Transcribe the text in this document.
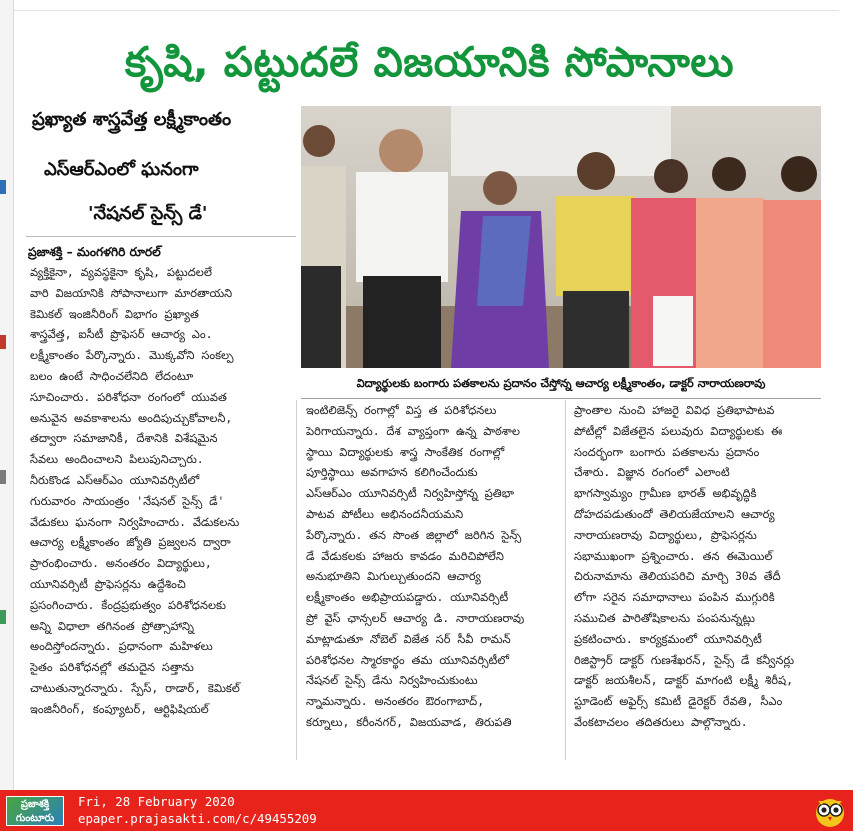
కృషి, పట్టుదలే విజయానికి సోపానాలు
ప్రఖ్యాత శాస్త్రవేత్త లక్ష్మీకాంతం
ఎస్‌ఆర్‌ఎంలో ఘనంగా
'నేషనల్ సైన్స్ డే'
విద్యార్థులకు బంగారు పతకాలను ప్రదానం చేస్తోన్న ఆచార్య లక్ష్మీకాంతం, డాక్టర్ నారాయణరావు
ప్రజాశక్తి – మంగళగిరి రూరల్

వ్యక్తికైనా, వ్యవస్థకైనా కృషి, పట్టుదలలే

వారి విజయానికి సోపానాలుగా మారతాయని

కెమికల్ ఇంజినీరింగ్ విభాగం ప్రఖ్యాత

శాస్త్రవేత్త, ఐసీటీ ప్రొఫెసర్ ఆచార్య ఎం.

లక్ష్మీకాంతం పేర్కొన్నారు. మొక్కవోని సంకల్ప

బలం ఉంటే సాధించలేనిది లేదంటూ

సూచించారు. పరిశోధనా రంగంలో యువత

అనువైన అవకాశాలను అందిపుచ్చుకోవాలనీ,

తద్వారా సమాజానికీ, దేశానికి విశేషమైన

సేవలు అందించాలని పిలుపునిచ్చారు.

నీరుకొండ ఎస్‌ఆర్‌ఎం యూనివర్సిటీలో

గురువారం సాయంత్రం 'నేషనల్ సైన్స్ డే'

వేడుకలు ఘనంగా నిర్వహించారు. వేడుకలను

ఆచార్య లక్ష్మీకాంతం జ్యోతి ప్రజ్వలన ద్వారా

ప్రారంభించారు. అనంతరం విద్యార్థులు,

యూనివర్సిటీ ప్రొఫెసర్లను ఉద్దేశించి

ప్రసంగించారు. కేంద్రప్రభుత్వం పరిశోధనలకు

అన్ని విధాలా తగినంత ప్రోత్సాహాన్ని

అందిస్తోందన్నారు. ప్రధానంగా మహిళలు

సైతం పరిశోధనల్లో తమదైన సత్తాను

చాటుతున్నారన్నారు. స్పేస్, రాడార్, కెమికల్

ఇంజినీరింగ్, కంప్యూటర్, ఆర్టిఫిషియల్

ఇంటిలిజెన్స్ రంగాల్లో విస్త త పరిశోధనలు

పెరిగాయన్నారు. దేశ వ్యాప్తంగా ఉన్న పాఠశాల

స్థాయి విద్యార్థులకు శాస్త్ర సాంకేతిక రంగాల్లో

పూర్తిస్థాయి అవగాహన కలిగించేందుకు

ఎస్‌ఆర్‌ఎం యూనివర్సిటీ నిర్వహిస్తోన్న ప్రతిభా

పాటవ పోటీలు అభినందనీయమని

పేర్కొన్నారు. తన సొంత జిల్లాలో జరిగిన సైన్స్

డే వేడుకలకు హాజరు కావడం మరిచిపోలేని

అనుభూతిని మిగుల్చుతుందని ఆచార్య

లక్ష్మీకాంతం అభిప్రాయపడ్డారు. యూనివర్సిటీ

ప్రో వైస్ ఛాన్సలర్ ఆచార్య డి. నారాయణరావు

మాట్లాడుతూ నోబెల్ విజేత సర్ సీవీ రామన్

పరిశోధనల స్మారకార్థం తమ యూనివర్సిటీలో

నేషనల్ సైన్స్ డేను నిర్వహించుకుంటు

న్నామన్నారు. అనంతరం ఔరంగాబాద్,

కర్నూలు, కరీంనగర్, విజయవాడ, తిరుపతి

ప్రాంతాల నుంచి హాజరై వివిధ ప్రతిభాపాటవ

పోటీల్లో విజేతలైన పలువురు విద్యార్థులకు ఈ

సందర్భంగా బంగారు పతకాలను ప్రదానం

చేశారు. విజ్ఞాన రంగంలో ఎలాంటి

భాగస్వామ్యం గ్రామీణ భారత్ అభివృద్ధికి

దోహదపడుతుందో తెలియజేయాలని ఆచార్య

నారాయణరావు విద్యార్థులు, ప్రొఫెసర్లను

సభాముఖంగా ప్రశ్నించారు. తన ఈమెయిల్

చిరునామాను తెలియపరిచి మార్చి 30వ తేదీ

లోగా సరైన సమాధానాలు పంపిన ముగ్గురికి

సముచిత పారితోషికాలను పంపనున్నట్లు

ప్రకటించారు. కార్యక్రమంలో యూనివర్సిటీ

రిజిస్ట్రార్ డాక్టర్ గుణశేఖరన్, సైన్స్ డే కన్వీనర్లు

డాక్టర్ జయశీలన్, డాక్టర్ మాగంటి లక్ష్మీ శిరీష,

స్టూడెంట్ అఫైర్స్ కమిటీ డైరెక్టర్ రేవతి, సీఎం

వేంకటాచలం తదితరులు పాల్గొన్నారు.

ప్రజాశక్తి గుంటూరు
Fri, 28 February 2020
epaper.prajasakti.com/c/49455209
